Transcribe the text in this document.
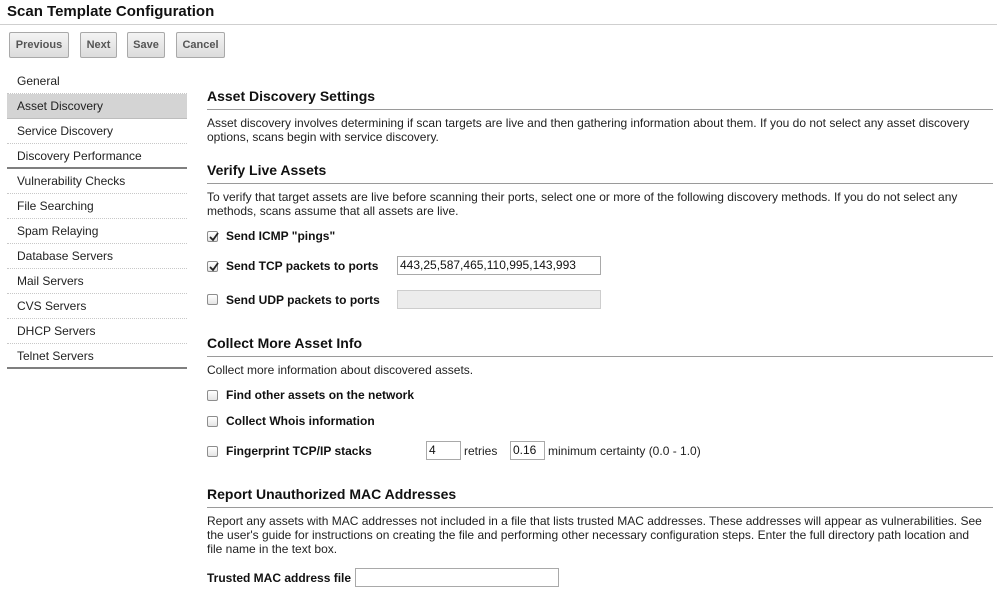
Scan Template Configuration
Previous	Next	Save	Cancel
General
Asset Discovery
Service Discovery
Discovery Performance
Vulnerability Checks
File Searching
Spam Relaying
Database Servers
Mail Servers
CVS Servers
DHCP Servers
Telnet Servers
Asset Discovery Settings
Asset discovery involves determining if scan targets are live and then gathering information about them. If you do not select any asset discovery options, scans begin with service discovery.
Verify Live Assets
To verify that target assets are live before scanning their ports, select one or more of the following discovery methods. If you do not select any methods, scans assume that all assets are live.
Send ICMP "pings"
Send TCP packets to ports 443,25,587,465,110,995,143,993
Send UDP packets to ports
Collect More Asset Info
Collect more information about discovered assets.
Find other assets on the network
Collect Whois information
Fingerprint TCP/IP stacks	4	retries 0.16 minimum certainty (0.0 - 1.0)
Report Unauthorized MAC Addresses
Report any assets with MAC addresses not included in a file that lists trusted MAC addresses. These addresses will appear as vulnerabilities. See the user's guide for instructions on creating the file and performing other necessary configuration steps. Enter the full directory path location and file name in the text box.
Trusted MAC address file
